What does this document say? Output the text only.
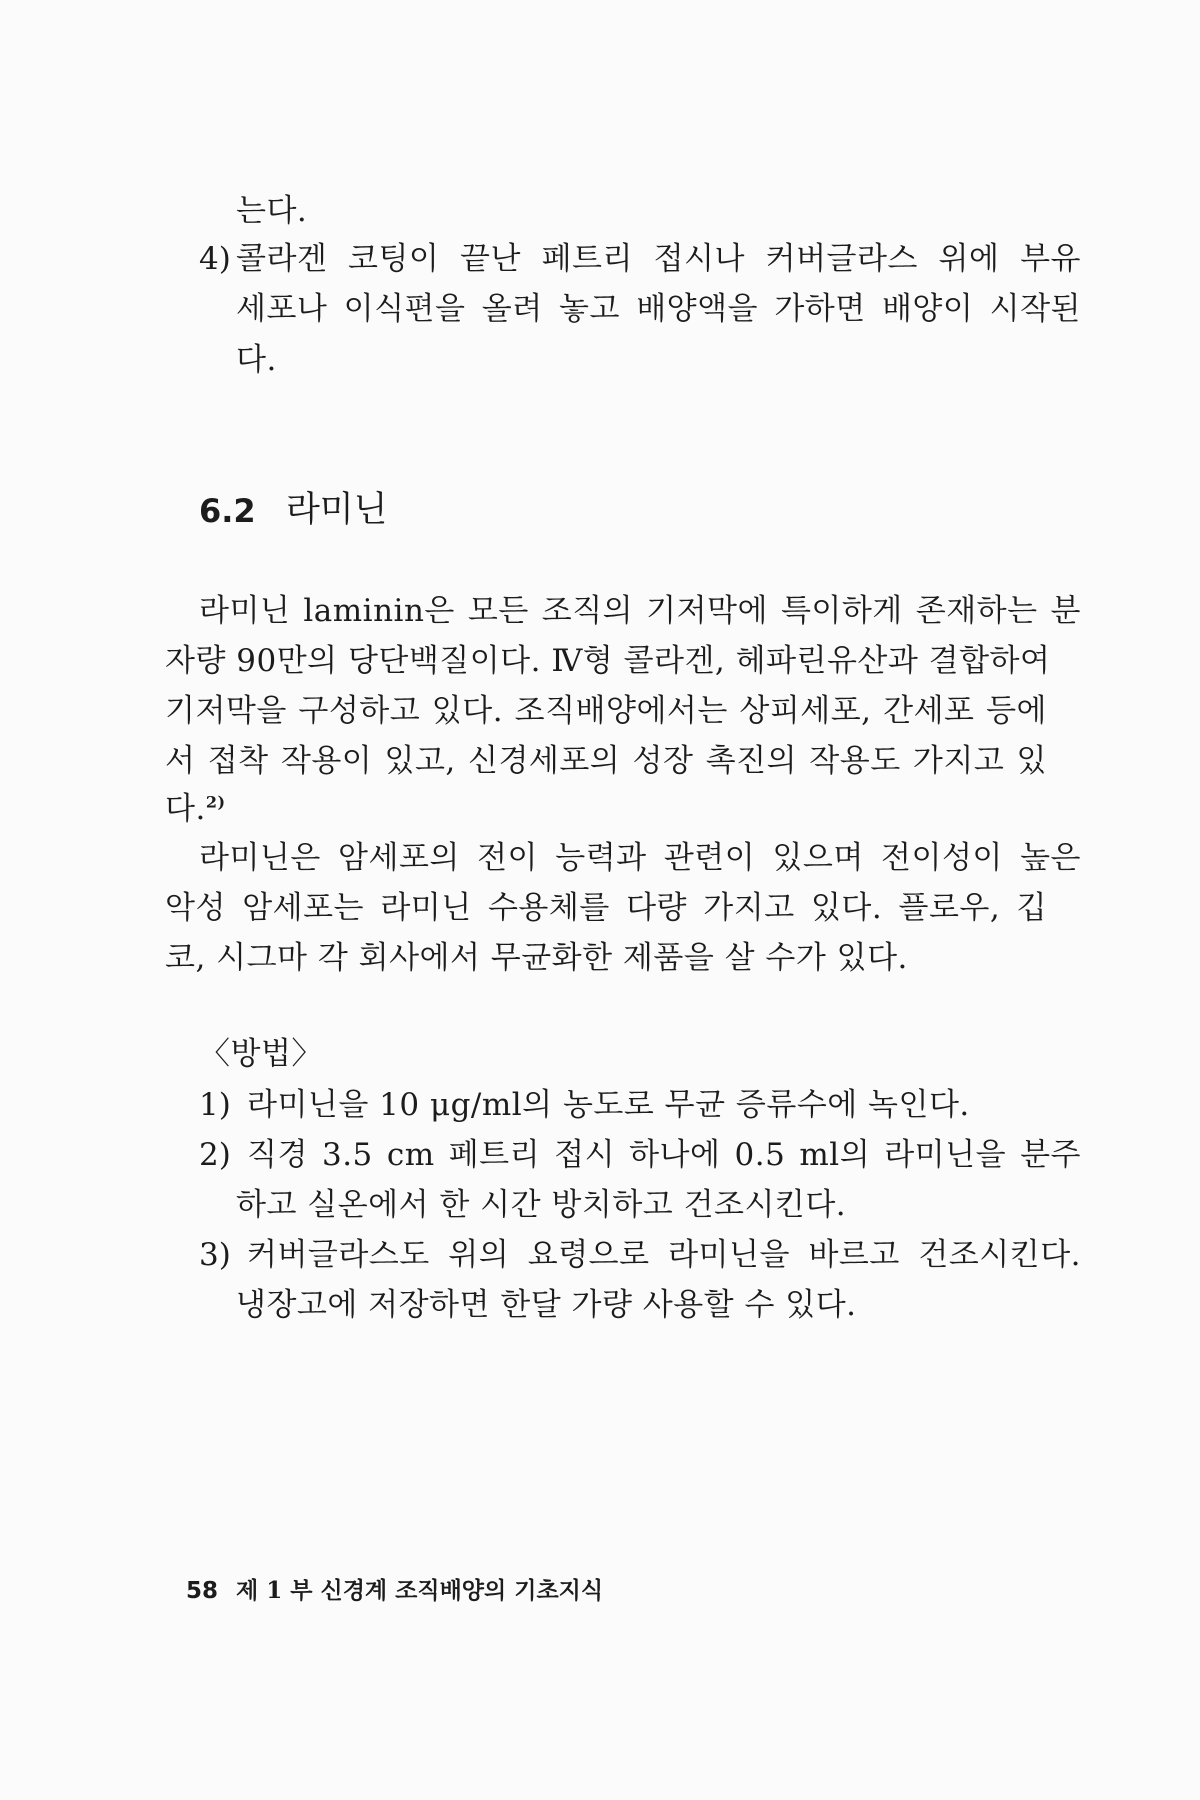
는다.
4) 콜라겐 코팅이 끝난 페트리 접시나 커버글라스 위에 부유
세포나 이식편을 올려 놓고 배양액을 가하면 배양이 시작된
다.
6.2 라미닌
라미닌 laminin은 모든 조직의 기저막에 특이하게 존재하는 분
자량 90만의 당단백질이다. Ⅳ형 콜라겐, 헤파린유산과 결합하여
기저막을 구성하고 있다. 조직배양에서는 상피세포, 간세포 등에
서 접착 작용이 있고, 신경세포의 성장 촉진의 작용도 가지고 있
다.$^{2)}$
라미닌은 암세포의 전이 능력과 관련이 있으며 전이성이 높은
악성 암세포는 라미닌 수용체를 다량 가지고 있다. 플로우, 깁
코, 시그마 각 회사에서 무균화한 제품을 살 수가 있다.
〈방법〉
1) 라미닌을 10 μg/ml의 농도로 무균 증류수에 녹인다.
2) 직경 3.5 cm 페트리 접시 하나에 0.5 ml의 라미닌을 분주
하고 실온에서 한 시간 방치하고 건조시킨다.
3) 커버글라스도 위의 요령으로 라미닌을 바르고 건조시킨다.
냉장고에 저장하면 한달 가량 사용할 수 있다.
58 제 1 부 신경계 조직배양의 기초지식
